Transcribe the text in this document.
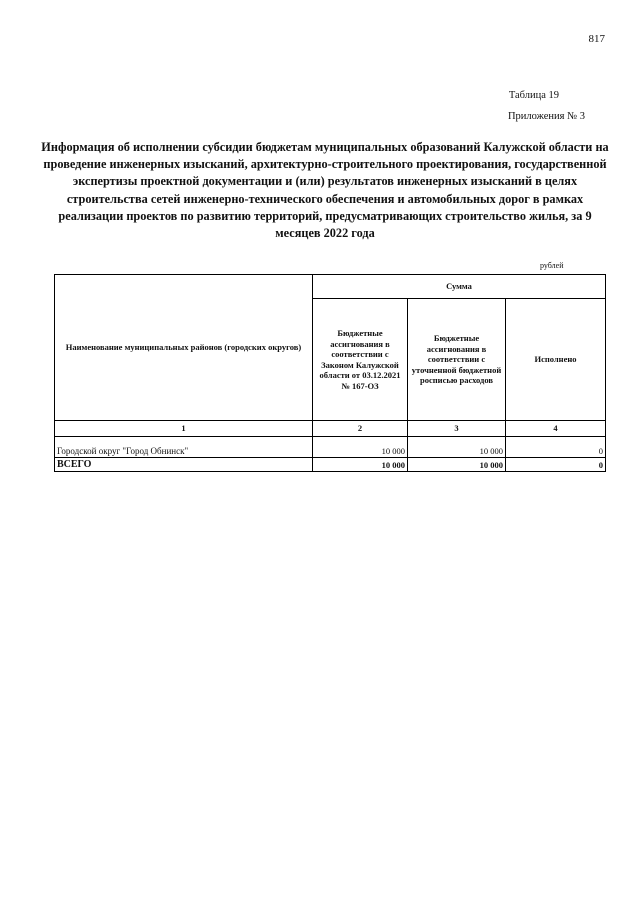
817
Таблица 19
Приложения № 3
Информация об исполнении субсидии бюджетам муниципальных образований Калужской области на проведение инженерных изысканий, архитектурно-строительного проектирования, государственной экспертизы проектной документации и (или) результатов инженерных изысканий в целях строительства сетей инженерно-технического обеспечения и автомобильных дорог в рамках реализации проектов по развитию территорий, предусматривающих строительство жилья, за 9 месяцев 2022 года
рублей
Наименование муниципальных районов (городских округов)	Сумма		
	Бюджетные ассигнования в соответствии с Законом Калужской области от 03.12.2021 № 167-ОЗ	Бюджетные ассигнования в соответствии с уточненной бюджетной росписью расходов	Исполнено
1	2	3	4

Городской округ "Город Обнинск"	10 000	10 000	0
ВСЕГО	10 000	10 000	0
